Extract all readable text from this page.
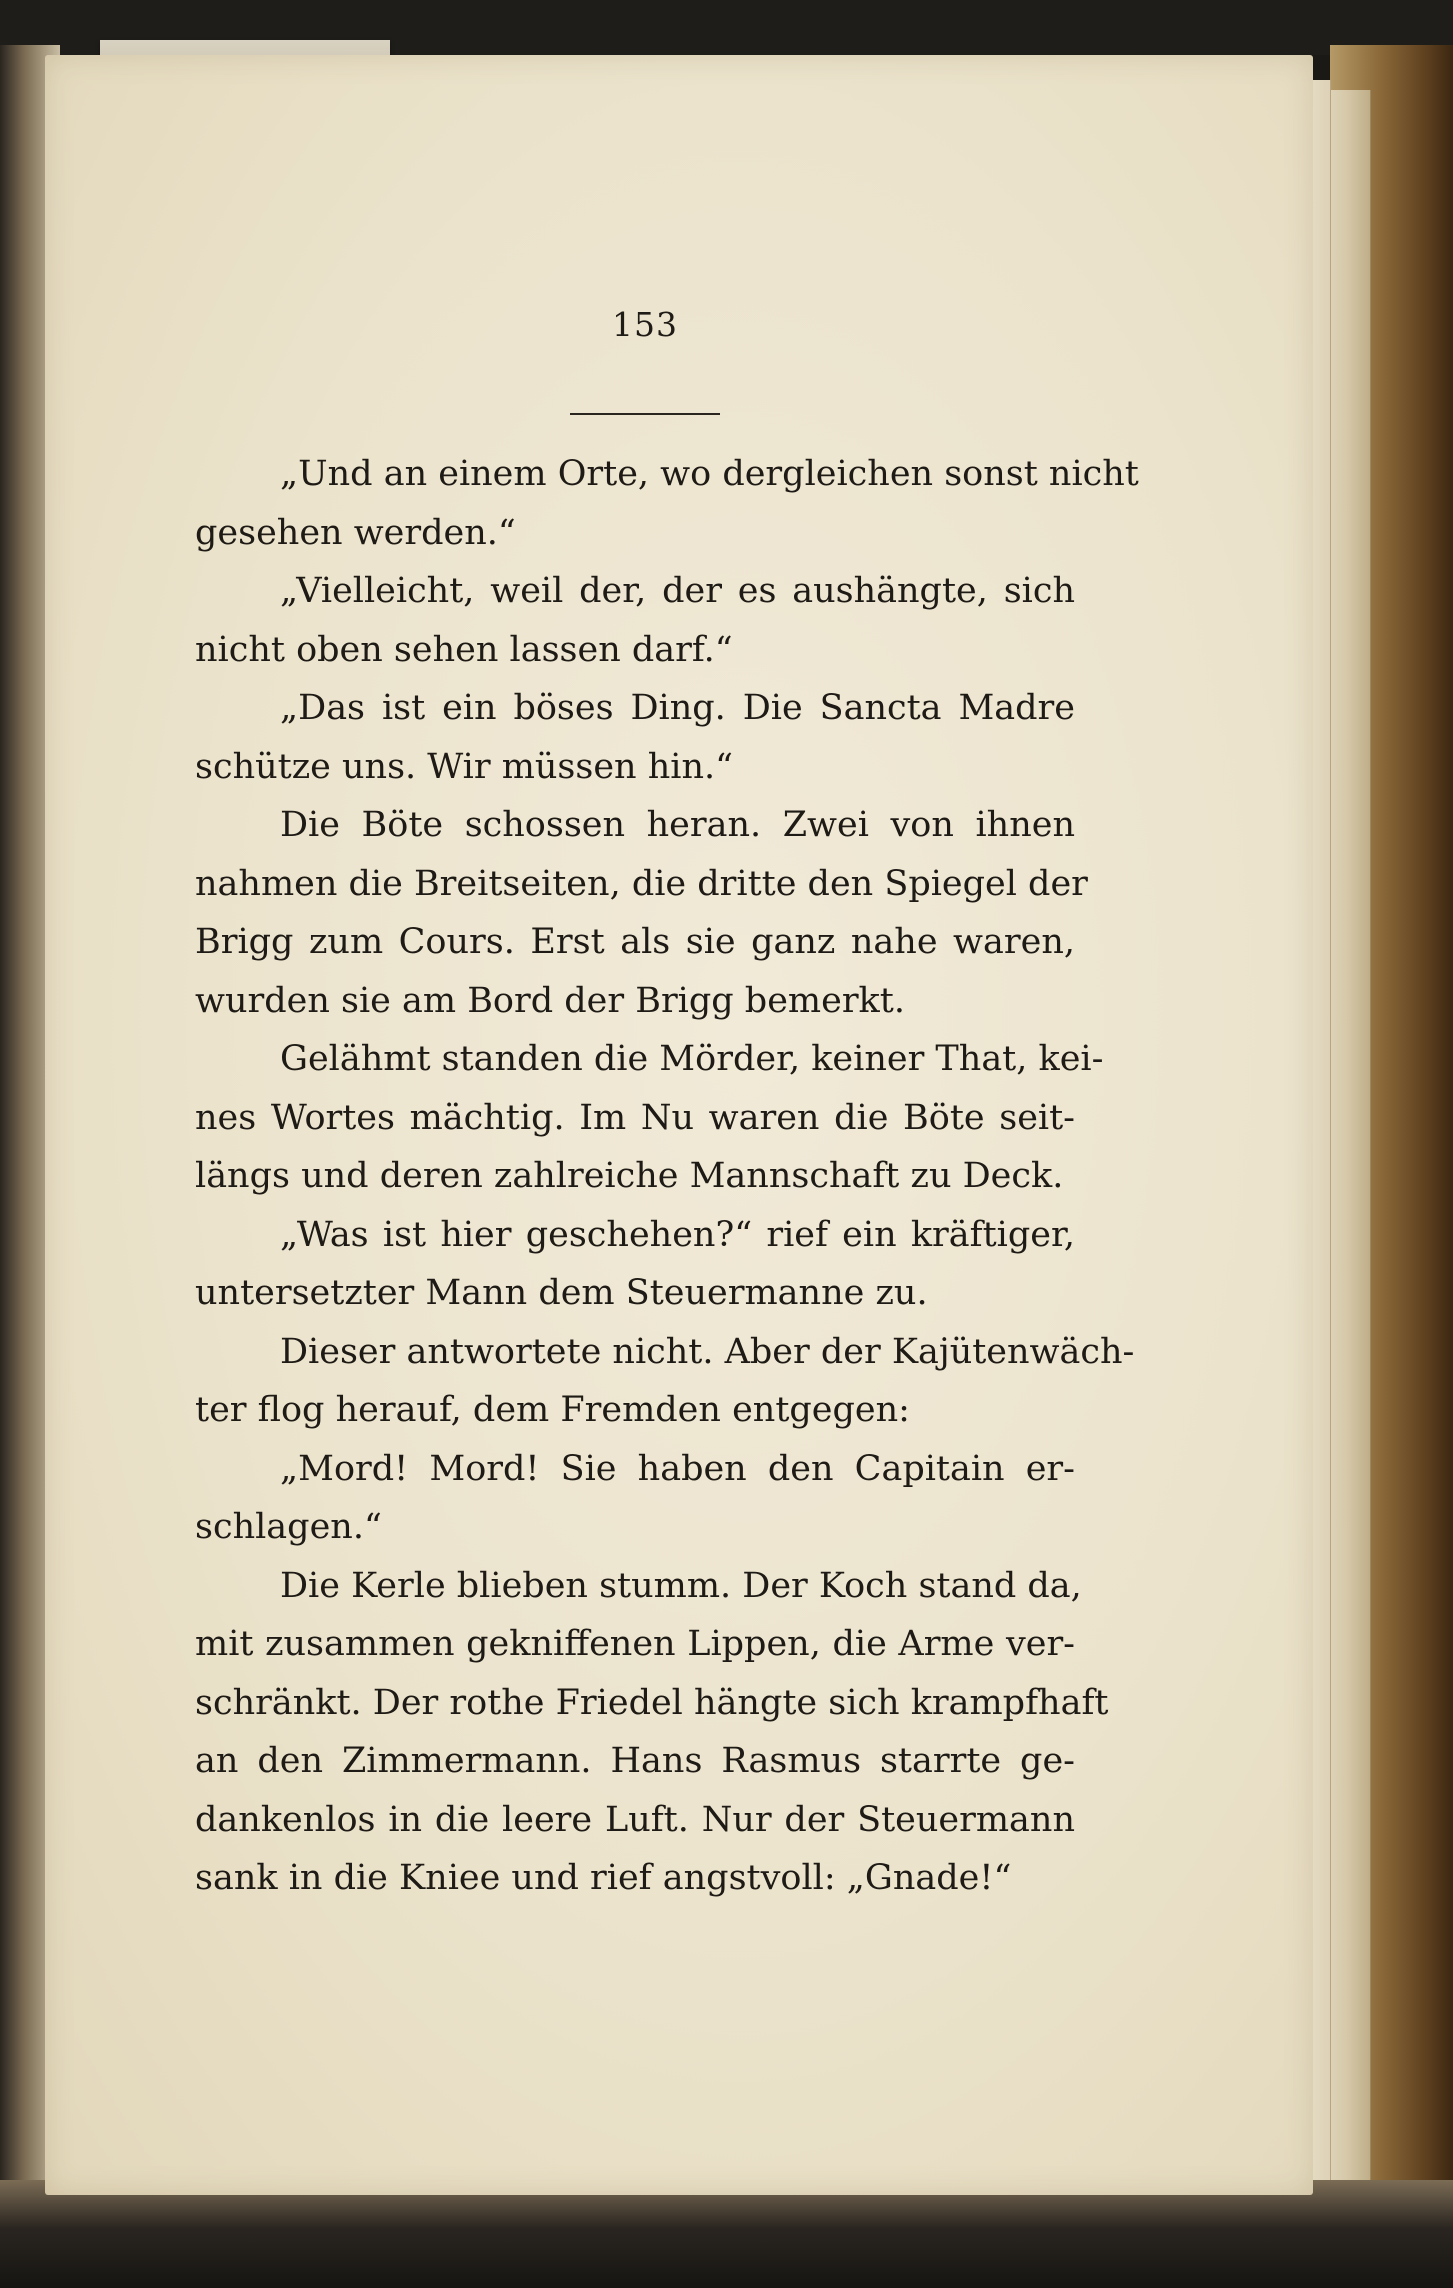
153
„Und an einem Orte, wo dergleichen sonst nicht
gesehen werden.“
„Vielleicht, weil der, der es aushängte, sich
nicht oben sehen lassen darf.“
„Das ist ein böses Ding. Die Sancta Madre
schütze uns. Wir müssen hin.“
Die Böte schossen heran. Zwei von ihnen
nahmen die Breitseiten, die dritte den Spiegel der
Brigg zum Cours. Erst als sie ganz nahe waren,
wurden sie am Bord der Brigg bemerkt.
Gelähmt standen die Mörder, keiner That, kei-
nes Wortes mächtig. Im Nu waren die Böte seit-
längs und deren zahlreiche Mannschaft zu Deck.
„Was ist hier geschehen?“ rief ein kräftiger,
untersetzter Mann dem Steuermanne zu.
Dieser antwortete nicht. Aber der Kajütenwäch-
ter flog herauf, dem Fremden entgegen:
„Mord! Mord! Sie haben den Capitain er-
schlagen.“
Die Kerle blieben stumm. Der Koch stand da,
mit zusammen gekniffenen Lippen, die Arme ver-
schränkt. Der rothe Friedel hängte sich krampfhaft
an den Zimmermann. Hans Rasmus starrte ge-
dankenlos in die leere Luft. Nur der Steuermann
sank in die Kniee und rief angstvoll: „Gnade!“
